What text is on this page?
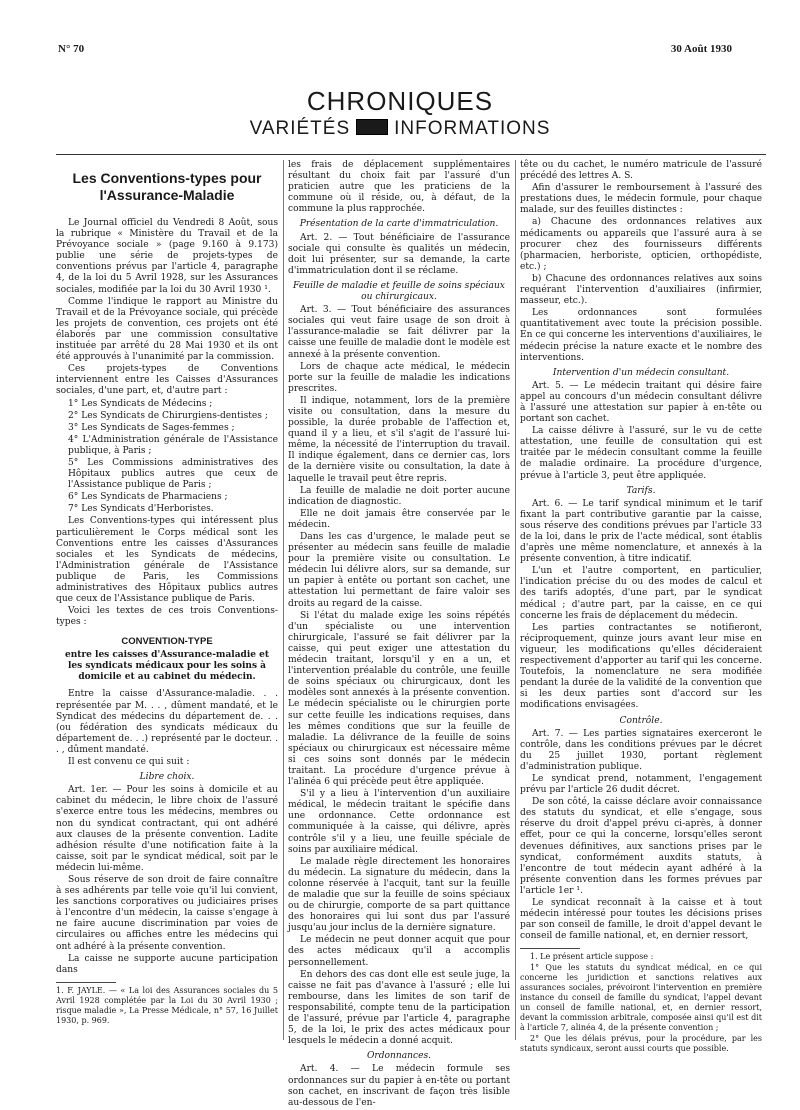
N° 70	30 Août 1930
CHRONIQUES
VARIÉTÉS INFORMATIONS
Les Conventions-types pour l'Assurance-Maladie

Le Journal officiel du Vendredi 8 Août, sous la rubrique « Ministère du Travail et de la Prévoyance sociale » (page 9.160 à 9.173) publie une série de projets-types de conventions prévus par l'article 4, paragraphe 4, de la loi du 5 Avril 1928, sur les Assurances sociales, modifiée par la loi du 30 Avril 1930 ¹.

Comme l'indique le rapport au Ministre du Travail et de la Prévoyance sociale, qui précède les projets de convention, ces projets ont été élaborés par une commission consultative instituée par arrêté du 28 Mai 1930 et ils ont été approuvés à l'unanimité par la commission.

Ces projets-types de Conventions interviennent entre les Caisses d'Assurances sociales, d'une part, et, d'autre part :

1° Les Syndicats de Médecins ;

2° Les Syndicats de Chirurgiens-dentistes ;

3° Les Syndicats de Sages-femmes ;

4° L'Administration générale de l'Assistance publique, à Paris ;

5° Les Commissions administratives des Hôpitaux publics autres que ceux de l'Assistance publique de Paris ;

6° Les Syndicats de Pharmaciens ;

7° Les Syndicats d'Herboristes.

Les Conventions-types qui intéressent plus particulièrement le Corps médical sont les Conventions entre les caisses d'Assurances sociales et les Syndicats de médecins, l'Administration générale de l'Assistance publique de Paris, les Commissions administratives des Hôpitaux publics autres que ceux de l'Assistance publique de Paris.

Voici les textes de ces trois Conventions-types :

CONVENTION-TYPE
entre les caisses d'Assurance-maladie et les syndicats médicaux pour les soins à domicile et au cabinet du médecin.

Entre la caisse d'Assurance-maladie. . . représentée par M. . . , dûment mandaté, et le Syndicat des médecins du département de. . . (ou fédération des syndicats médicaux du département de. . .) représenté par le docteur. . . , dûment mandaté.

Il est convenu ce qui suit :

Libre choix.

Art. 1er. — Pour les soins à domicile et au cabinet du médecin, le libre choix de l'assuré s'exerce entre tous les médecins, membres ou non du syndicat contractant, qui ont adhéré aux clauses de la présente convention. Ladite adhésion résulte d'une notification faite à la caisse, soit par le syndicat médical, soit par le médecin lui-même.

Sous réserve de son droit de faire connaître à ses adhérents par telle voie qu'il lui convient, les sanctions corporatives ou judiciaires prises à l'encontre d'un médecin, la caisse s'engage à ne faire aucune discrimination par voies de circulaires ou affiches entre les médecins qui ont adhéré à la présente convention.

La caisse ne supporte aucune participation dans

1. F. JAYLE. — « La loi des Assurances sociales du 5 Avril 1928 complétée par la Loi du 30 Avril 1930 ; risque maladie », La Presse Médicale, n° 57, 16 Juillet 1930, p. 969.

les frais de déplacement supplémentaires résultant du choix fait par l'assuré d'un praticien autre que les praticiens de la commune où il réside, ou, à défaut, de la commune la plus rapprochée.

Présentation de la carte d'immatriculation.

Art. 2. — Tout bénéficiaire de l'assurance sociale qui consulte ès qualités un médecin, doit lui présenter, sur sa demande, la carte d'immatriculation dont il se réclame.

Feuille de maladie et feuille de soins spéciaux ou chirurgicaux.

Art. 3. — Tout bénéficiaire des assurances sociales qui veut faire usage de son droit à l'assurance-maladie se fait délivrer par la caisse une feuille de maladie dont le modèle est annexé à la présente convention.

Lors de chaque acte médical, le médecin porte sur la feuille de maladie les indications prescrites.

Il indique, notamment, lors de la première visite ou consultation, dans la mesure du possible, la durée probable de l'affection et, quand il y a lieu, et s'il s'agit de l'assuré lui-même, la nécessité de l'interruption du travail. Il indique également, dans ce dernier cas, lors de la dernière visite ou consultation, la date à laquelle le travail peut être repris.

La feuille de maladie ne doit porter aucune indication de diagnostic.

Elle ne doit jamais être conservée par le médecin.

Dans les cas d'urgence, le malade peut se présenter au médecin sans feuille de maladie pour la première visite ou consultation. Le médecin lui délivre alors, sur sa demande, sur un papier à entête ou portant son cachet, une attestation lui permettant de faire valoir ses droits au regard de la caisse.

Si l'état du malade exige les soins répétés d'un spécialiste ou une intervention chirurgicale, l'assuré se fait délivrer par la caisse, qui peut exiger une attestation du médecin traitant, lorsqu'il y en a un, et l'intervention préalable du contrôle, une feuille de soins spéciaux ou chirurgicaux, dont les modèles sont annexés à la présente convention. Le médecin spécialiste ou le chirurgien porte sur cette feuille les indications requises, dans les mêmes conditions que sur la feuille de maladie. La délivrance de la feuille de soins spéciaux ou chirurgicaux est nécessaire même si ces soins sont donnés par le médecin traitant. La procédure d'urgence prévue à l'alinéa 6 qui précède peut être appliquée.

S'il y a lieu à l'intervention d'un auxiliaire médical, le médecin traitant le spécifie dans une ordonnance. Cette ordonnance est communiquée à la caisse, qui délivre, après contrôle s'il y a lieu, une feuille spéciale de soins par auxiliaire médical.

Le malade règle directement les honoraires du médecin. La signature du médecin, dans la colonne réservée à l'acquit, tant sur la feuille de maladie que sur la feuille de soins spéciaux ou de chirurgie, comporte de sa part quittance des honoraires qui lui sont dus par l'assuré jusqu'au jour inclus de la dernière signature.

Le médecin ne peut donner acquit que pour des actes médicaux qu'il a accomplis personnellement.

En dehors des cas dont elle est seule juge, la caisse ne fait pas d'avance à l'assuré ; elle lui rembourse, dans les limites de son tarif de responsabilité, compte tenu de la participation de l'assuré, prévue par l'article 4, paragraphe 5, de la loi, le prix des actes médicaux pour lesquels le médecin a donné acquit.

Ordonnances.

Art. 4. — Le médecin formule ses ordonnances sur du papier à en-tête ou portant son cachet, en inscrivant de façon très lisible au-dessous de l'en-

tête ou du cachet, le numéro matricule de l'assuré précédé des lettres A. S.

Afin d'assurer le remboursement à l'assuré des prestations dues, le médecin formule, pour chaque malade, sur des feuilles distinctes :

a) Chacune des ordonnances relatives aux médicaments ou appareils que l'assuré aura à se procurer chez des fournisseurs différents (pharmacien, herboriste, opticien, orthopédiste, etc.) ;

b) Chacune des ordonnances relatives aux soins requérant l'intervention d'auxiliaires (infirmier, masseur, etc.).

Les ordonnances sont formulées quantitativement avec toute la précision possible. En ce qui concerne les interventions d'auxiliaires, le médecin précise la nature exacte et le nombre des interventions.

Intervention d'un médecin consultant.

Art. 5. — Le médecin traitant qui désire faire appel au concours d'un médecin consultant délivre à l'assuré une attestation sur papier à en-tête ou portant son cachet.

La caisse délivre à l'assuré, sur le vu de cette attestation, une feuille de consultation qui est traitée par le médecin consultant comme la feuille de maladie ordinaire. La procédure d'urgence, prévue à l'article 3, peut être appliquée.

Tarifs.

Art. 6. — Le tarif syndical minimum et le tarif fixant la part contributive garantie par la caisse, sous réserve des conditions prévues par l'article 33 de la loi, dans le prix de l'acte médical, sont établis d'après une même nomenclature, et annexés à la présente convention, à titre indicatif.

L'un et l'autre comportent, en particulier, l'indication précise du ou des modes de calcul et des tarifs adoptés, d'une part, par le syndicat médical ; d'autre part, par la caisse, en ce qui concerne les frais de déplacement du médecin.

Les parties contractantes se notifieront, réciproquement, quinze jours avant leur mise en vigueur, les modifications qu'elles décideraient respectivement d'apporter au tarif qui les concerne. Toutefois, la nomenclature ne sera modifiée pendant la durée de la validité de la convention que si les deux parties sont d'accord sur les modifications envisagées.

Contrôle.

Art. 7. — Les parties signataires exerceront le contrôle, dans les conditions prévues par le décret du 25 juillet 1930, portant règlement d'administration publique.

Le syndicat prend, notamment, l'engagement prévu par l'article 26 dudit décret.

De son côté, la caisse déclare avoir connaissance des statuts du syndicat, et elle s'engage, sous réserve du droit d'appel prévu ci-après, à donner effet, pour ce qui la concerne, lorsqu'elles seront devenues définitives, aux sanctions prises par le syndicat, conformément auxdits statuts, à l'encontre de tout médecin ayant adhéré à la présente convention dans les formes prévues par l'article 1er ¹.

Le syndicat reconnaît à la caisse et à tout médecin intéressé pour toutes les décisions prises par son conseil de famille, le droit d'appel devant le conseil de famille national, et, en dernier ressort,

1. Le présent article suppose :

1° Que les statuts du syndicat médical, en ce qui concerne les juridiction et sanctions relatives aux assurances sociales, prévoiront l'intervention en première instance du conseil de famille du syndicat, l'appel devant un conseil de famille national, et, en dernier ressort, devant la commission arbitrale, composée ainsi qu'il est dit à l'article 7, alinéa 4, de la présente convention ;

2° Que les délais prévus, pour la procédure, par les statuts syndicaux, seront aussi courts que possible.
